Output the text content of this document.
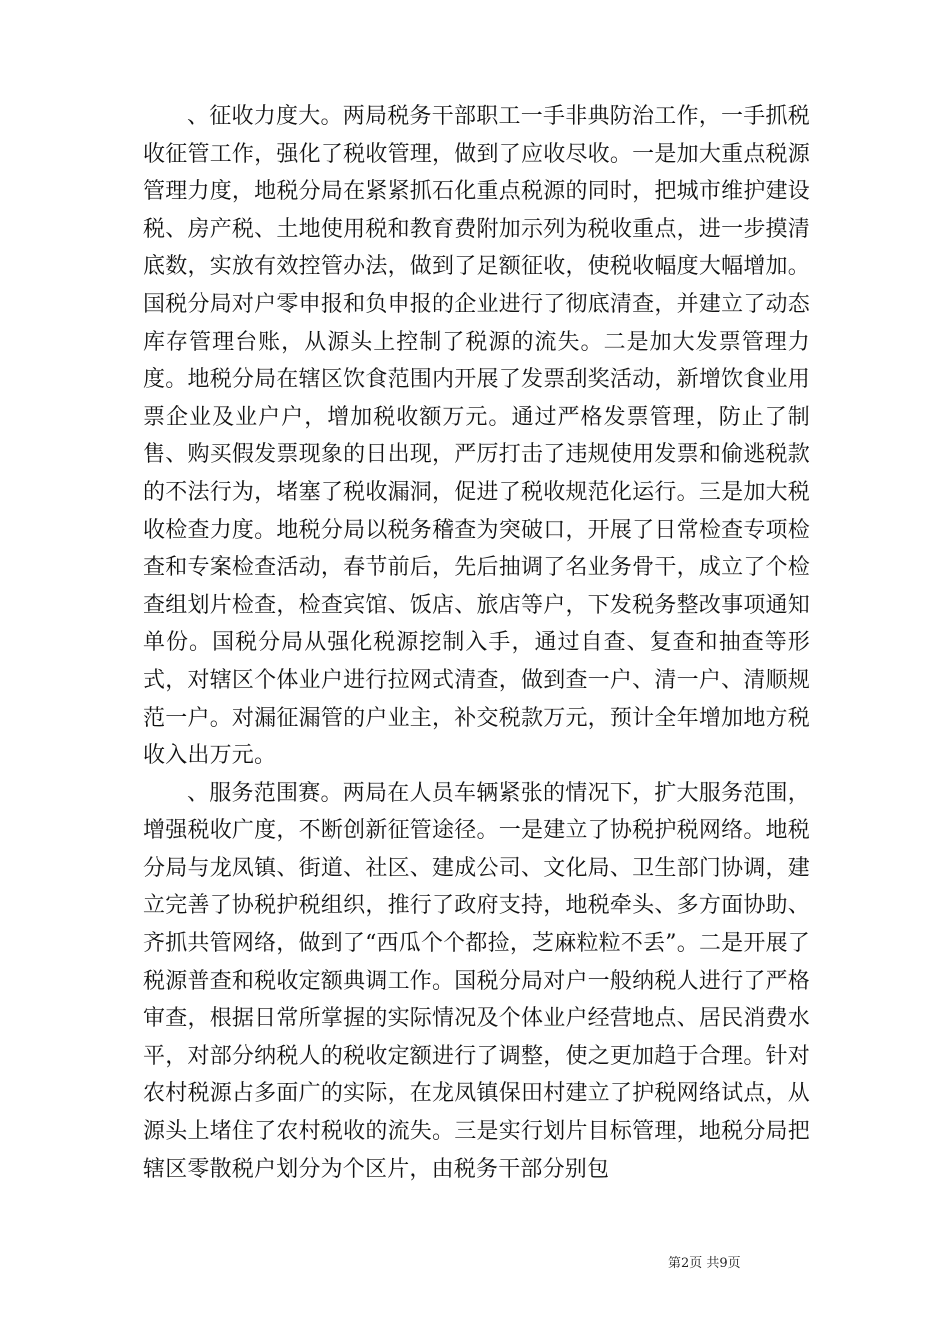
、征收力度大。两局税务干部职工一手非典防治工作，一手抓税收征管工作，强化了税收管理，做到了应收尽收。一是加大重点税源管理力度，地税分局在紧紧抓石化重点税源的同时，把城市维护建设税、房产税、土地使用税和教育费附加示列为税收重点，进一步摸清底数，实放有效控管办法，做到了足额征收，使税收幅度大幅增加。国税分局对户零申报和负申报的企业进行了彻底清查，并建立了动态库存管理台账，从源头上控制了税源的流失。二是加大发票管理力度。地税分局在辖区饮食范围内开展了发票刮奖活动，新增饮食业用票企业及业户户，增加税收额万元。通过严格发票管理，防止了制售、购买假发票现象的日出现，严厉打击了违规使用发票和偷逃税款的不法行为，堵塞了税收漏洞，促进了税收规范化运行。三是加大税收检查力度。地税分局以税务稽查为突破口，开展了日常检查专项检查和专案检查活动，春节前后，先后抽调了名业务骨干，成立了个检查组划片检查，检查宾馆、饭店、旅店等户，下发税务整改事项通知单份。国税分局从强化税源挖制入手，通过自查、复查和抽查等形式，对辖区个体业户进行拉网式清查，做到查一户、清一户、清顺规范一户。对漏征漏管的户业主，补交税款万元，预计全年增加地方税收入出万元。

、服务范围赛。两局在人员车辆紧张的情况下，扩大服务范围，增强税收广度，不断创新征管途径。一是建立了协税护税网络。地税分局与龙凤镇、街道、社区、建成公司、文化局、卫生部门协调，建立完善了协税护税组织，推行了政府支持，地税牵头、多方面协助、齐抓共管网络，做到了“西瓜个个都捡，芝麻粒粒不丢”。二是开展了税源普查和税收定额典调工作。国税分局对户一般纳税人进行了严格审查，根据日常所掌握的实际情况及个体业户经营地点、居民消费水平，对部分纳税人的税收定额进行了调整，使之更加趋于合理。针对农村税源占多面广的实际，在龙凤镇保田村建立了护税网络试点，从源头上堵住了农村税收的流失。三是实行划片目标管理，地税分局把辖区零散税户划分为个区片，由税务干部分别包

第2页 共9页
